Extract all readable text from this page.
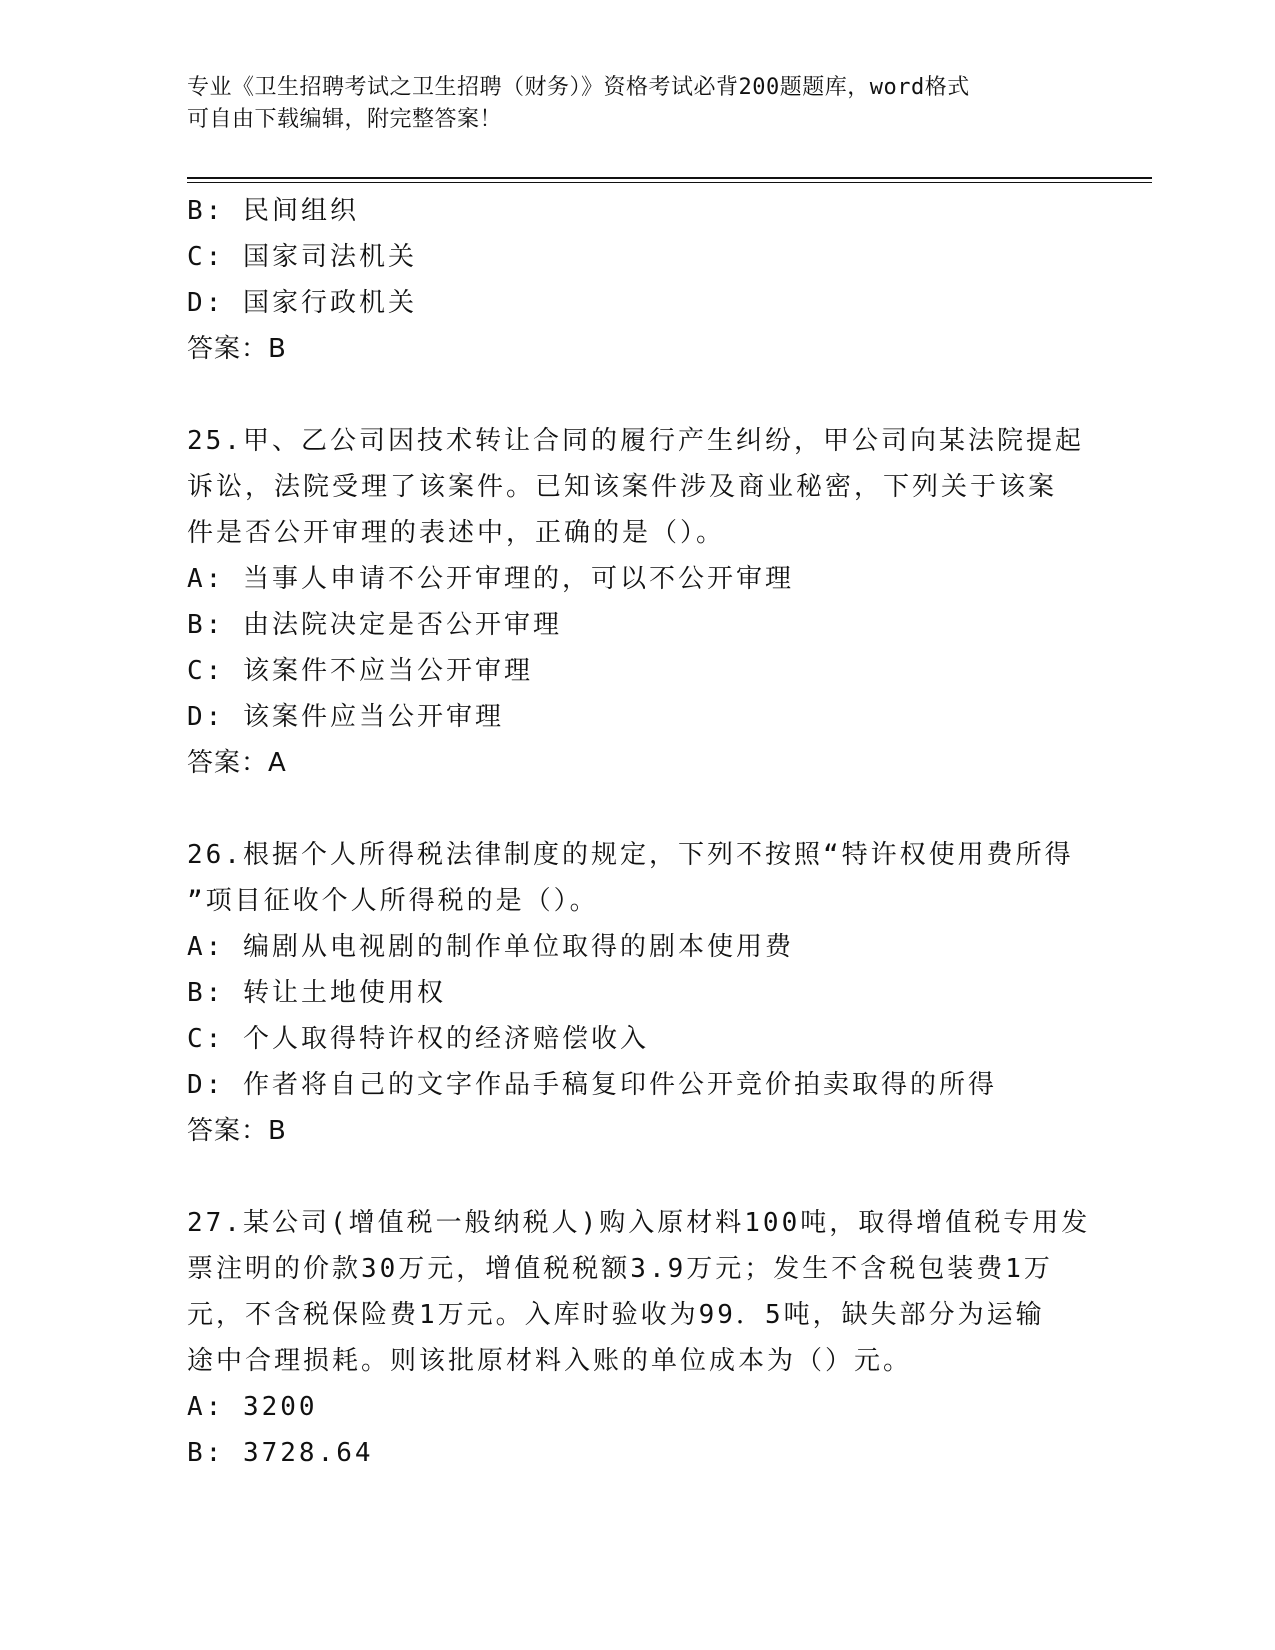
专业《卫生招聘考试之卫生招聘（财务）》资格考试必背200题题库，word格式
可自由下载编辑，附完整答案！
B: 民间组织
C: 国家司法机关
D: 国家行政机关
答案：B
25.甲、乙公司因技术转让合同的履行产生纠纷，甲公司向某法院提起
诉讼，法院受理了该案件。已知该案件涉及商业秘密，下列关于该案
件是否公开审理的表述中，正确的是（）。
A: 当事人申请不公开审理的，可以不公开审理
B: 由法院决定是否公开审理
C: 该案件不应当公开审理
D: 该案件应当公开审理
答案：A
26.根据个人所得税法律制度的规定，下列不按照“特许权使用费所得
”项目征收个人所得税的是（）。
A: 编剧从电视剧的制作单位取得的剧本使用费
B: 转让土地使用权
C: 个人取得特许权的经济赔偿收入
D: 作者将自己的文字作品手稿复印件公开竞价拍卖取得的所得
答案：B
27.某公司(增值税一般纳税人)购入原材料100吨，取得增值税专用发
票注明的价款30万元，增值税税额3.9万元；发生不含税包装费1万
元，不含税保险费1万元。入库时验收为99．5吨，缺失部分为运输
途中合理损耗。则该批原材料入账的单位成本为（）元。
A: 3200
B: 3728.64
